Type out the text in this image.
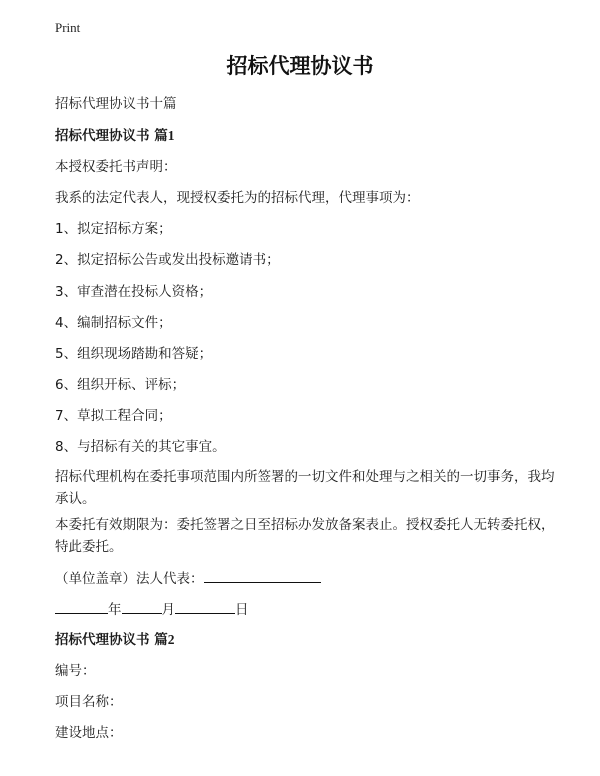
Print
招标代理协议书
招标代理协议书十篇
招标代理协议书 篇1
本授权委托书声明：
我系的法定代表人，现授权委托为的招标代理，代理事项为：
1、拟定招标方案；
2、拟定招标公告或发出投标邀请书；
3、审查潜在投标人资格；
4、编制招标文件；
5、组织现场踏勘和答疑；
6、组织开标、评标；
7、草拟工程合同；
8、与招标有关的其它事宜。
招标代理机构在委托事项范围内所签署的一切文件和处理与之相关的一切事务，我均承认。
本委托有效期限为：委托签署之日至招标办发放备案表止。授权委托人无转委托权，特此委托。
（单位盖章）法人代表：
年	月	日
招标代理协议书 篇2
编号：
项目名称：
建设地点：
